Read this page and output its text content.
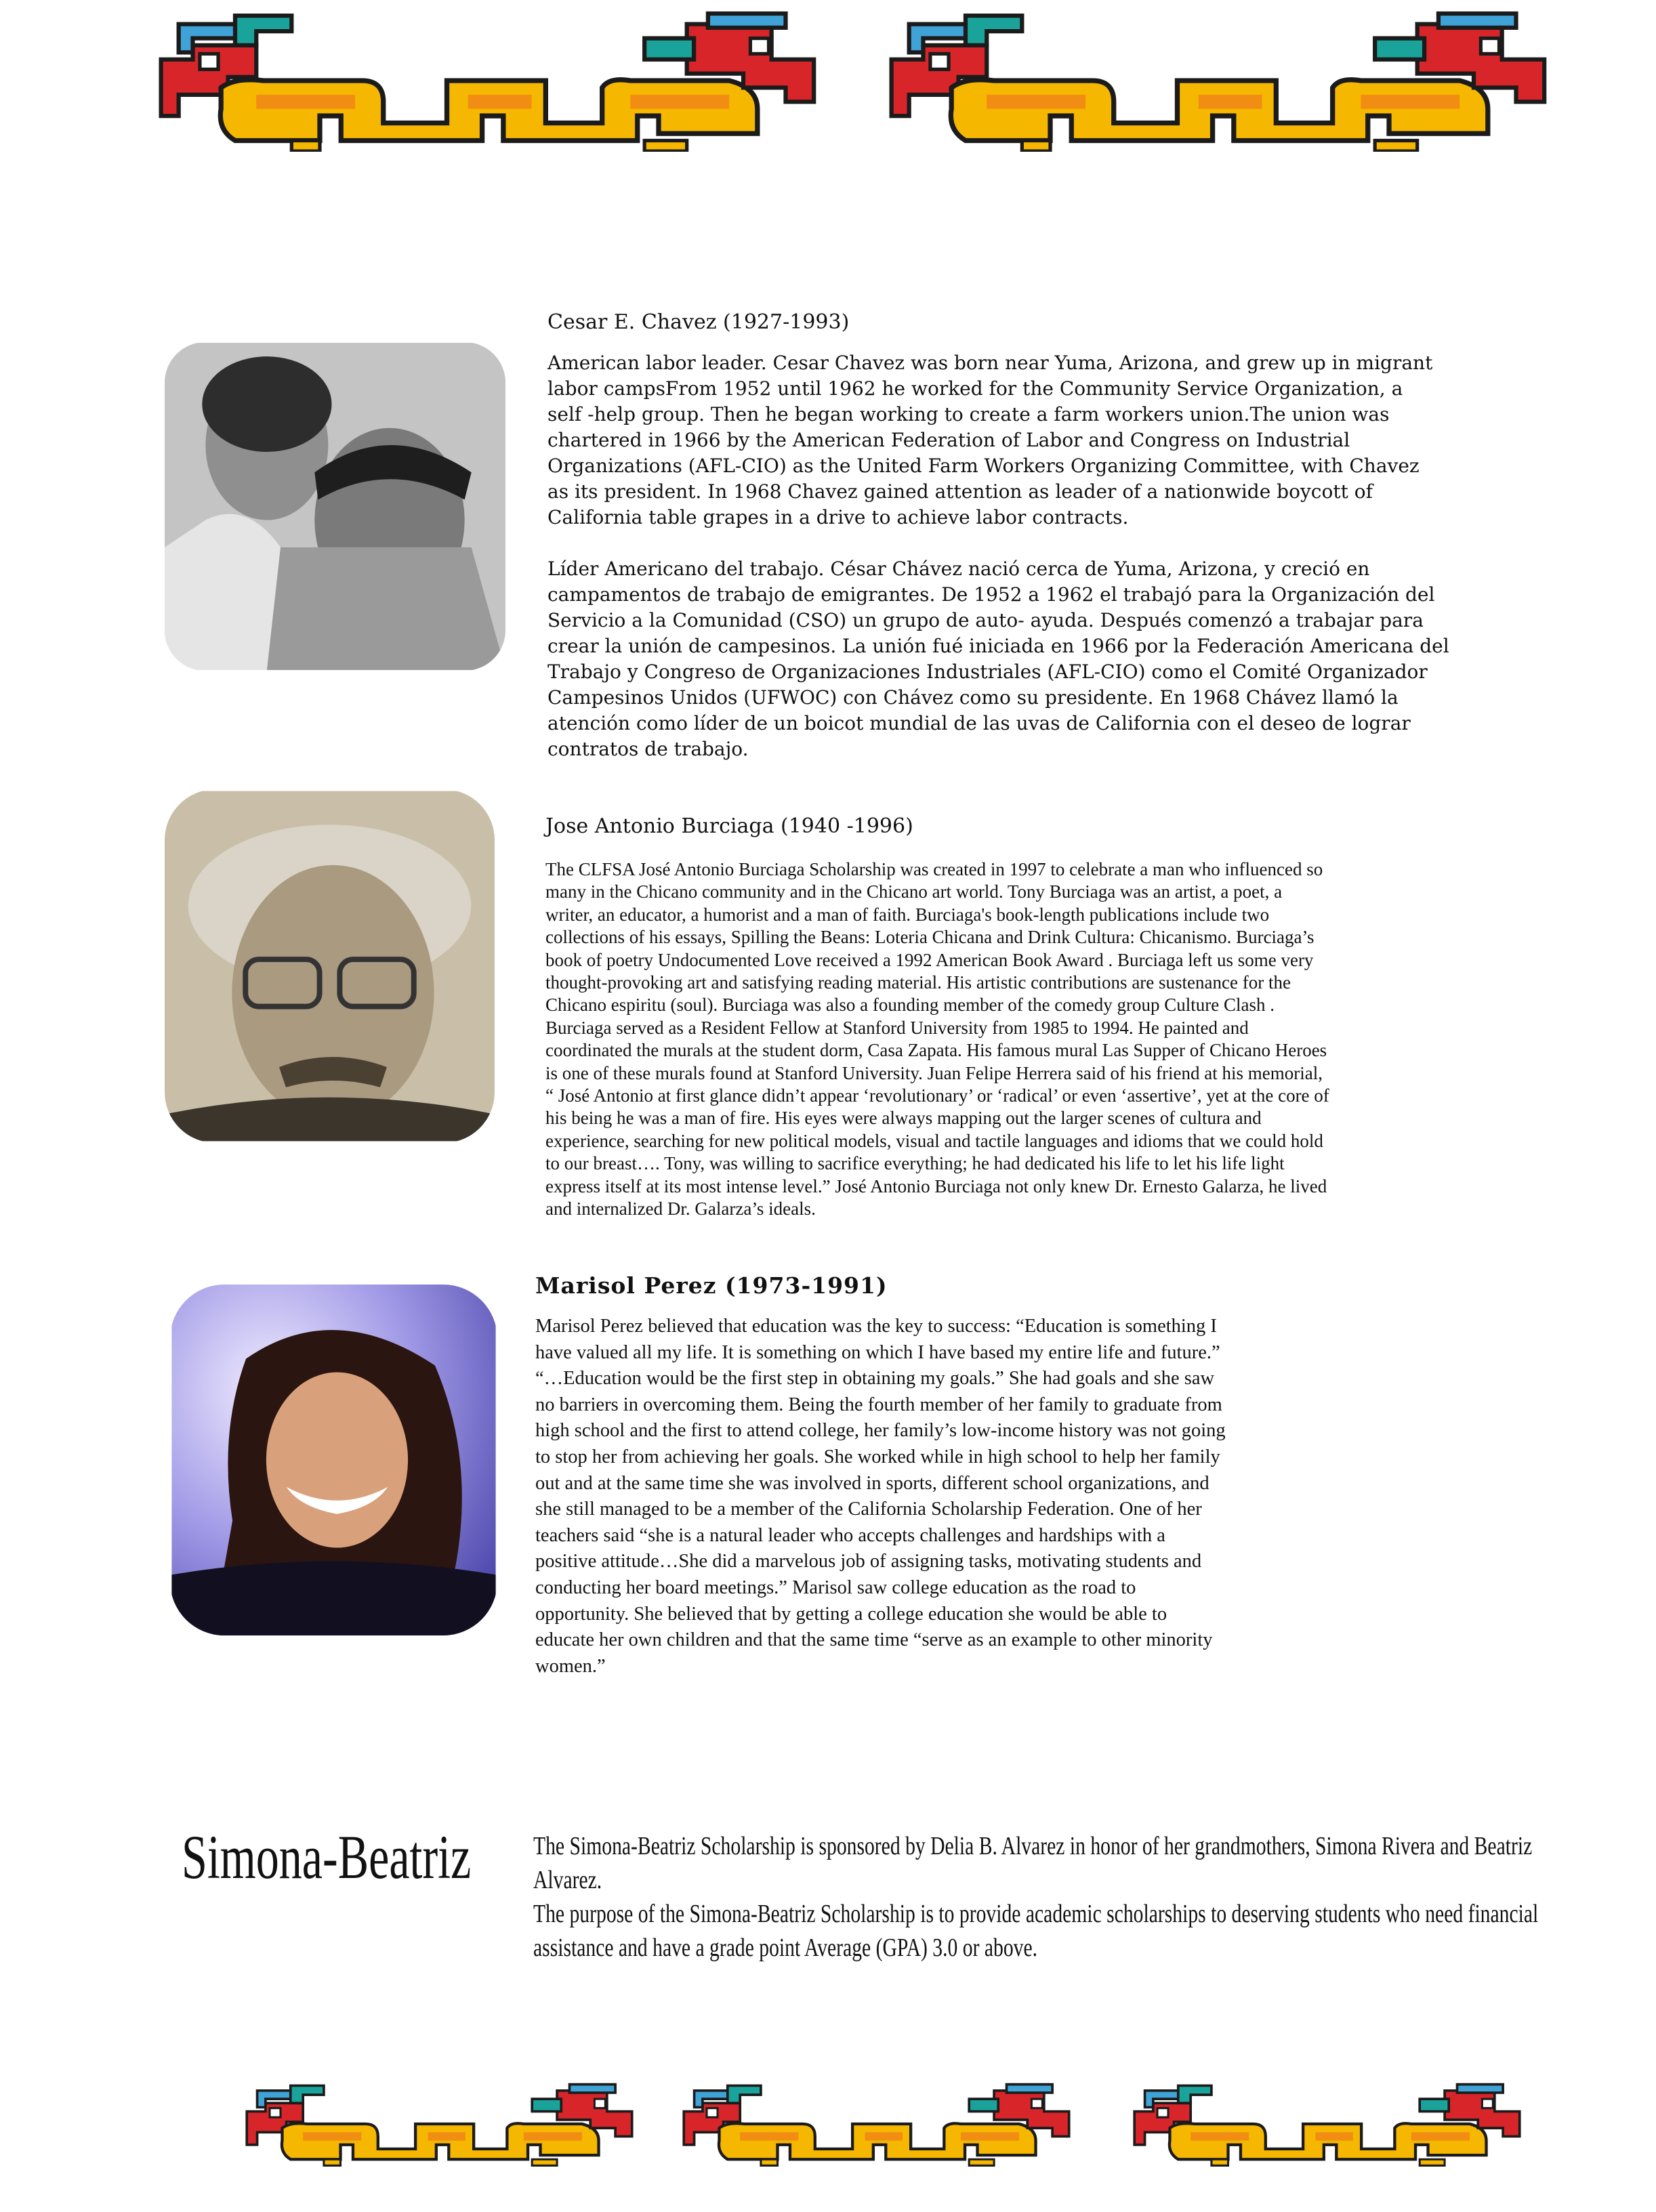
Cesar E. Chavez (1927-1993)

American labor leader. Cesar Chavez was born near Yuma, Arizona, and grew up in migrant

labor campsFrom 1952 until 1962 he worked for the Community Service Organization, a

self -help group. Then he began working to create a farm workers union.The union was

chartered in 1966 by the American Federation of Labor and Congress on Industrial

Organizations (AFL-CIO) as the United Farm Workers Organizing Committee, with Chavez

as its president. In 1968 Chavez gained attention as leader of a nationwide boycott of

California table grapes in a drive to achieve labor contracts.

Líder Americano del trabajo. César Chávez nació cerca de Yuma, Arizona, y creció en

campamentos de trabajo de emigrantes. De 1952 a 1962 el trabajó para la Organización del

Servicio a la Comunidad (CSO) un grupo de auto- ayuda. Después comenzó a trabajar para

crear la unión de campesinos. La unión fué iniciada en 1966 por la Federación Americana del

Trabajo y Congreso de Organizaciones Industriales (AFL-CIO) como el Comité Organizador

Campesinos Unidos (UFWOC) con Chávez como su presidente. En 1968 Chávez llamó la

atención como líder de un boicot mundial de las uvas de California con el deseo de lograr

contratos de trabajo.

Jose Antonio Burciaga (1940 -1996)

The CLFSA José Antonio Burciaga Scholarship was created in 1997 to celebrate a man who influenced so

many in the Chicano community and in the Chicano art world. Tony Burciaga was an artist, a poet, a

writer, an educator, a humorist and a man of faith. Burciaga's book-length publications include two

collections of his essays, Spilling the Beans: Loteria Chicana and Drink Cultura: Chicanismo. Burciaga’s

book of poetry Undocumented Love received a 1992 American Book Award . Burciaga left us some very

thought-provoking art and satisfying reading material. His artistic contributions are sustenance for the

Chicano espiritu (soul). Burciaga was also a founding member of the comedy group Culture Clash .

Burciaga served as a Resident Fellow at Stanford University from 1985 to 1994. He painted and

coordinated the murals at the student dorm, Casa Zapata. His famous mural Las Supper of Chicano Heroes

is one of these murals found at Stanford University. Juan Felipe Herrera said of his friend at his memorial,

“ José Antonio at first glance didn’t appear ‘revolutionary’ or ‘radical’ or even ‘assertive’, yet at the core of

his being he was a man of fire. His eyes were always mapping out the larger scenes of cultura and

experience, searching for new political models, visual and tactile languages and idioms that we could hold

to our breast…. Tony, was willing to sacrifice everything; he had dedicated his life to let his life light

express itself at its most intense level.” José Antonio Burciaga not only knew Dr. Ernesto Galarza, he lived

and internalized Dr. Galarza’s ideals.

Marisol Perez (1973-1991)

Marisol Perez believed that education was the key to success: “Education is something I

have valued all my life. It is something on which I have based my entire life and future.”

“…Education would be the first step in obtaining my goals.” She had goals and she saw

no barriers in overcoming them. Being the fourth member of her family to graduate from

high school and the first to attend college, her family’s low-income history was not going

to stop her from achieving her goals. She worked while in high school to help her family

out and at the same time she was involved in sports, different school organizations, and

she still managed to be a member of the California Scholarship Federation. One of her

teachers said “she is a natural leader who accepts challenges and hardships with a

positive attitude…She did a marvelous job of assigning tasks, motivating students and

conducting her board meetings.” Marisol saw college education as the road to

opportunity. She believed that by getting a college education she would be able to

educate her own children and that the same time “serve as an example to other minority

women.”

Simona-Beatriz The Simona-Beatriz Scholarship is sponsored by Delia B. Alvarez in honor of her grandmothers, Simona Rivera and Beatriz Alvarez.

The purpose of the Simona-Beatriz Scholarship is to provide academic scholarships to deserving students who need financial

assistance and have a grade point Average (GPA) 3.0 or above.
